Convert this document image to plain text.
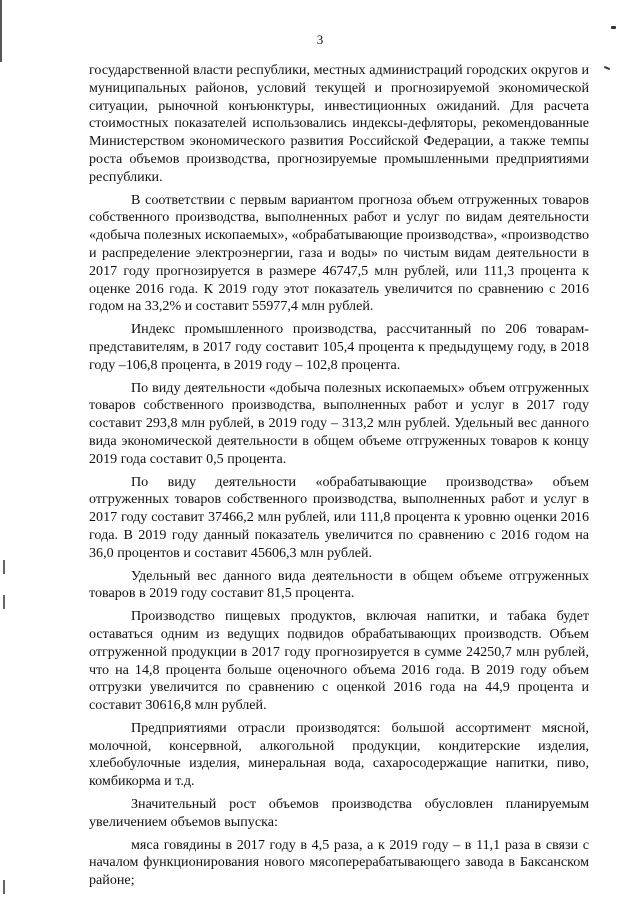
3

государственной власти республики, местных администраций городских округов и муниципальных районов, условий текущей и прогнозируемой экономической ситуации, рыночной конъюнктуры, инвестиционных ожиданий. Для расчета стоимостных показателей использовались индексы-дефляторы, рекомендованные Министерством экономического развития Российской Федерации, а также темпы роста объемов производства, прогнозируемые промышленными предприятиями республики.

В соответствии с первым вариантом прогноза объем отгруженных товаров собственного производства, выполненных работ и услуг по видам деятельности «добыча полезных ископаемых», «обрабатывающие производства», «производство и распределение электроэнергии, газа и воды» по чистым видам деятельности в 2017 году прогнозируется в размере 46747,5 млн рублей, или 111,3 процента к оценке 2016 года. К 2019 году этот показатель увеличится по сравнению с 2016 годом на 33,2% и составит 55977,4 млн рублей.

Индекс промышленного производства, рассчитанный по 206 товарам-представителям, в 2017 году составит 105,4 процента к предыдущему году, в 2018 году –106,8 процента, в 2019 году – 102,8 процента.

По виду деятельности «добыча полезных ископаемых» объем отгруженных товаров собственного производства, выполненных работ и услуг в 2017 году составит 293,8 млн рублей, в 2019 году – 313,2 млн рублей. Удельный вес данного вида экономической деятельности в общем объеме отгруженных товаров к концу 2019 года составит 0,5 процента.

По виду деятельности «обрабатывающие производства» объем отгруженных товаров собственного производства, выполненных работ и услуг в 2017 году составит 37466,2 млн рублей, или 111,8 процента к уровню оценки 2016 года. В 2019 году данный показатель увеличится по сравнению с 2016 годом на 36,0 процентов и составит 45606,3 млн рублей.

Удельный вес данного вида деятельности в общем объеме отгруженных товаров в 2019 году составит 81,5 процента.

Производство пищевых продуктов, включая напитки, и табака будет оставаться одним из ведущих подвидов обрабатывающих производств. Объем отгруженной продукции в 2017 году прогнозируется в сумме 24250,7 млн рублей, что на 14,8 процента больше оценочного объема 2016 года. В 2019 году объем отгрузки увеличится по сравнению с оценкой 2016 года на 44,9 процента и составит 30616,8 млн рублей.

Предприятиями отрасли производятся: большой ассортимент мясной, молочной, консервной, алкогольной продукции, кондитерские изделия, хлебобулочные изделия, минеральная вода, сахаросодержащие напитки, пиво, комбикорма и т.д.

Значительный рост объемов производства обусловлен планируемым увеличением объемов выпуска:

мяса говядины в 2017 году в 4,5 раза, а к 2019 году – в 11,1 раза в связи с началом функционирования нового мясоперерабатывающего завода в Баксанском районе;
